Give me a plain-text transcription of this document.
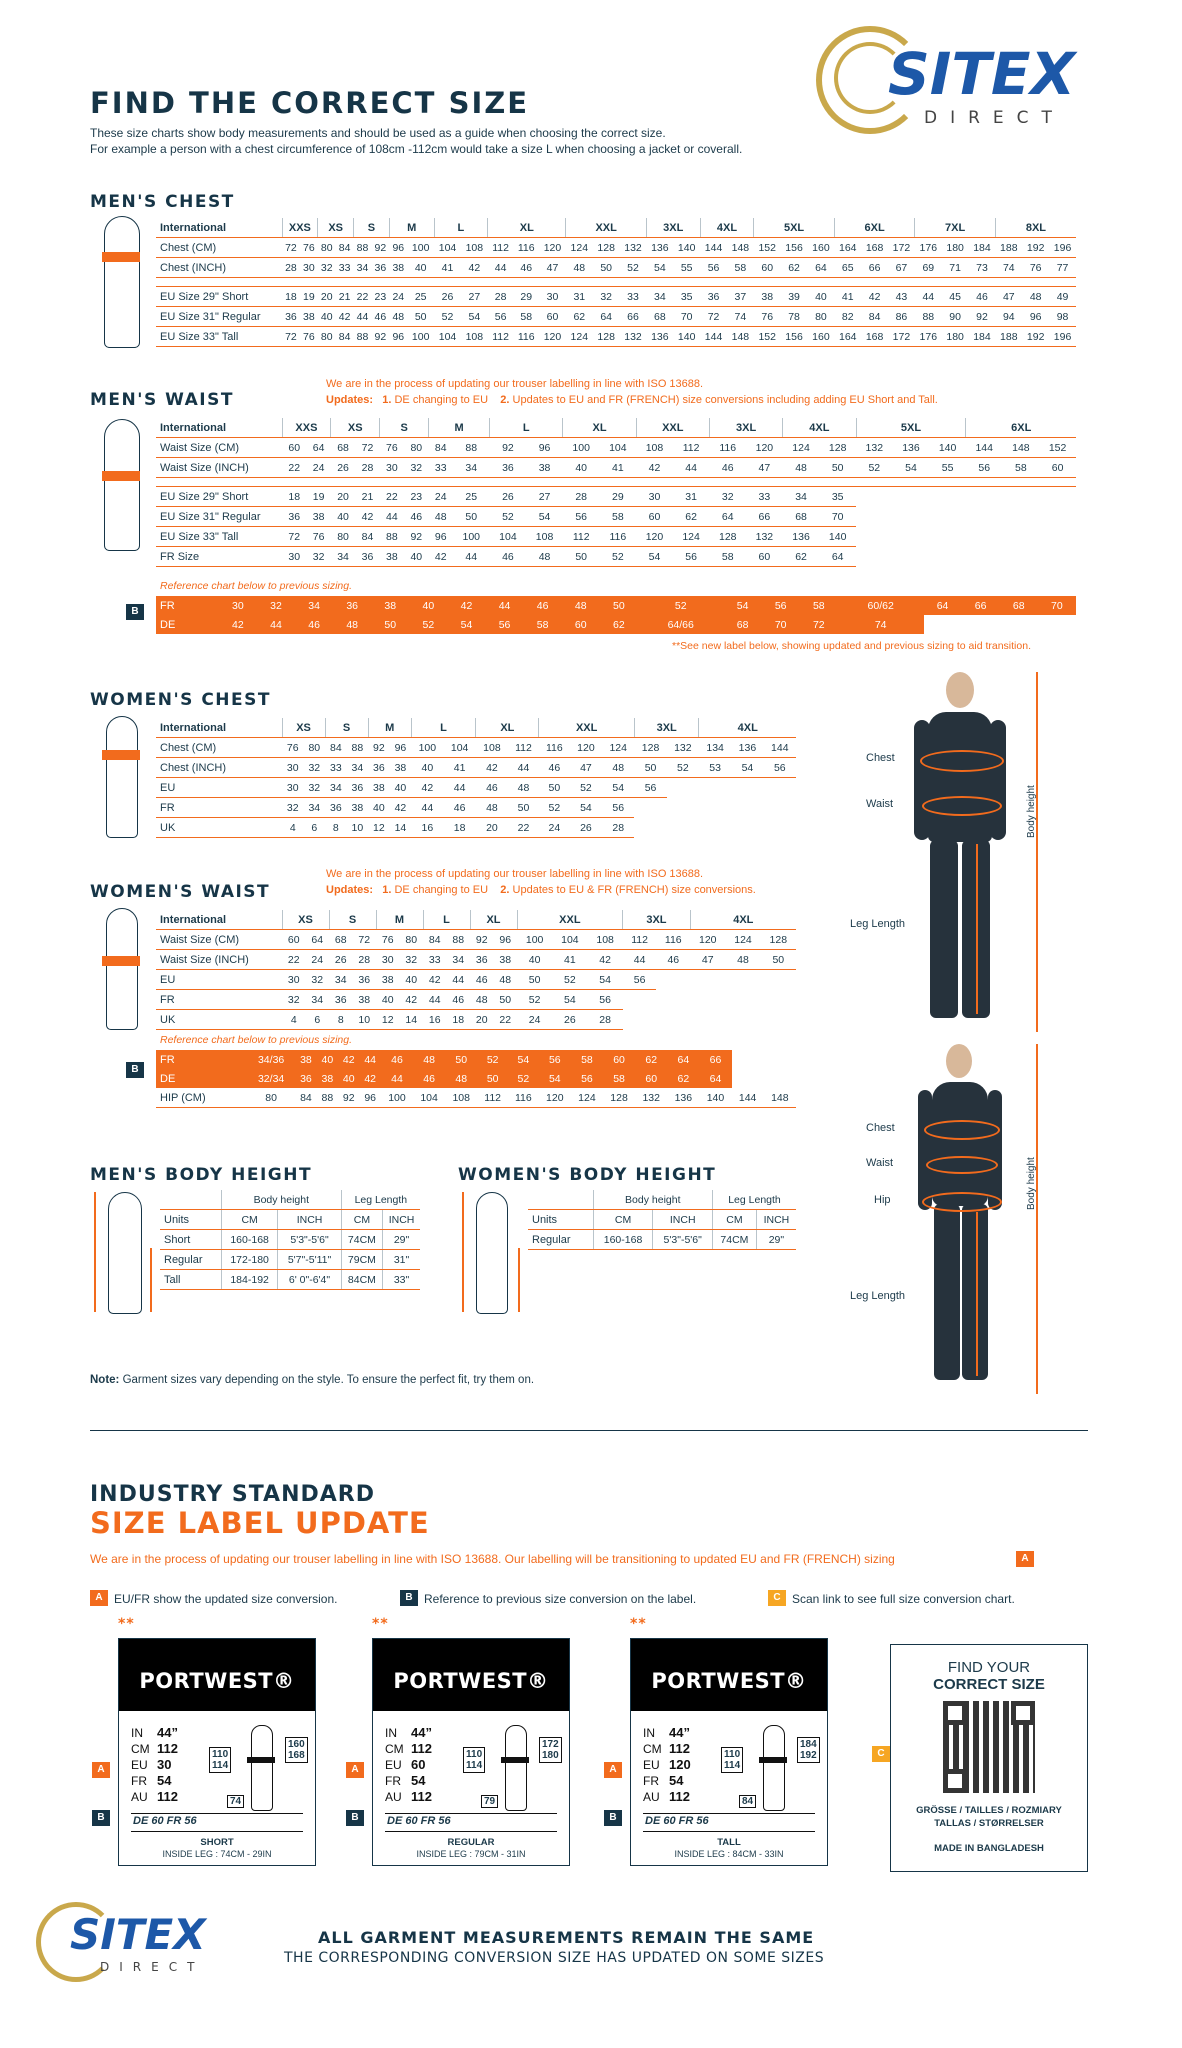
FIND THE CORRECT SIZE
These size charts show body measurements and should be used as a guide when choosing the correct size.
For example a person with a chest circumference of 108cm -112cm would take a size L when choosing a jacket or coverall.
SITEX
DIRECT
MEN'S CHEST
International	XXS		XS		S		M		L		XL			XXL			3XL		4XL		5XL			6XL			7XL			8XL		
Chest (CM)	72	76	80	84	88	92	96	100	104	108	112	116	120	124	128	132	136	140	144	148	152	156	160	164	168	172	176	180	184	188	192	196
Chest (INCH)	28	30	32	33	34	36	38	40	41	42	44	46	47	48	50	52	54	55	56	58	60	62	64	65	66	67	69	71	73	74	76	77

EU Size 29" Short	18	19	20	21	22	23	24	25	26	27	28	29	30	31	32	33	34	35	36	37	38	39	40	41	42	43	44	45	46	47	48	49
EU Size 31" Regular	36	38	40	42	44	46	48	50	52	54	56	58	60	62	64	66	68	70	72	74	76	78	80	82	84	86	88	90	92	94	96	98
EU Size 33" Tall	72	76	80	84	88	92	96	100	104	108	112	116	120	124	128	132	136	140	144	148	152	156	160	164	168	172	176	180	184	188	192	196
MEN'S WAIST
We are in the process of updating our trouser labelling in line with ISO 13688.
Updates: 1. DE changing to EU 2. Updates to EU and FR (FRENCH) size conversions including adding EU Short and Tall.
International	XXS		XS		S		M		L		XL		XXL		3XL		4XL		5XL			6XL		
Waist Size (CM)	60	64	68	72	76	80	84	88	92	96	100	104	108	112	116	120	124	128	132	136	140	144	148	152
Waist Size (INCH)	22	24	26	28	30	32	33	34	36	38	40	41	42	44	46	47	48	50	52	54	55	56	58	60

EU Size 29" Short	18	19	20	21	22	23	24	25	26	27	28	29	30	31	32	33	34	35						
EU Size 31" Regular	36	38	40	42	44	46	48	50	52	54	56	58	60	62	64	66	68	70						
EU Size 33" Tall	72	76	80	84	88	92	96	100	104	108	112	116	120	124	128	132	136	140						
FR Size	30	32	34	36	38	40	42	44	46	48	50	52	54	56	58	60	62	64						
Reference chart below to previous sizing.
B	FR	30	32	34	36	38	40	42	44	46	48	50	52	54	56	58	60/62	64	66	68	70
DE	42	44	46	48	50	52	54	56	58	60	62	64/66	68	70	72	74				
**See new label below, showing updated and previous sizing to aid transition.
WOMEN'S CHEST
International	XS		S		M		L		XL		XXL			3XL		4XL		
Chest (CM)	76	80	84	88	92	96	100	104	108	112	116	120	124	128	132	134	136	144
Chest (INCH)	30	32	33	34	36	38	40	41	42	44	46	47	48	50	52	53	54	56
EU	30	32	34	36	38	40	42	44	46	48	50	52	54	56				
FR	32	34	36	38	40	42	44	46	48	50	52	54	56					
UK	4	6	8	10	12	14	16	18	20	22	24	26	28					
We are in the process of updating our trouser labelling in line with ISO 13688.
Updates: 1. DE changing to EU 2. Updates to EU & FR (FRENCH) size conversions.
WOMEN'S WAIST
International	XS		S		M		L		XL		XXL			3XL		4XL		
Waist Size (CM)	60	64	68	72	76	80	84	88	92	96	100	104	108	112	116	120	124	128
Waist Size (INCH)	22	24	26	28	30	32	33	34	36	38	40	41	42	44	46	47	48	50
EU	30	32	34	36	38	40	42	44	46	48	50	52	54	56				
FR	32	34	36	38	40	42	44	46	48	50	52	54	56					
UK	4	6	8	10	12	14	16	18	20	22	24	26	28					
Reference chart below to previous sizing.
B
FR	34/36	38	40	42	44	46	48	50	52	54	56	58	60	62	64	66		
DE	32/34	36	38	40	42	44	46	48	50	52	54	56	58	60	62	64		
HIP (CM)	80	84	88	92	96	100	104	108	112	116	120	124	128	132	136	140	144	148
Chest
Waist
Leg Length
Body height
Chest
Waist
Hip
Leg Length
Body height
MEN'S BODY HEIGHT
	Body height		Leg Length	
Units	CM	INCH	CM	INCH
Short	160-168	5'3"-5'6"	74CM	29"
Regular	172-180	5'7"-5'11"	79CM	31"
Tall	184-192	6' 0"-6'4"	84CM	33"
WOMEN'S BODY HEIGHT
	Body height		Leg Length	
Units	CM	INCH	CM	INCH
Regular	160-168	5'3"-5'6"	74CM	29"
Note: Garment sizes vary depending on the style. To ensure the perfect fit, try them on.
INDUSTRY STANDARD
SIZE LABEL UPDATE
We are in the process of updating our trouser labelling in line with ISO 13688. Our labelling will be transitioning to updated EU and FR (FRENCH) sizing	A
A EU/FR show the updated size conversion.	B Reference to previous size conversion on the label.	C Scan link to see full size conversion chart.
**
PORTWEST®
IN 44”
CM 112
EU 30
FR 54
AU 112
110
114
160
168
74
DE 60 FR 56
SHORT
INSIDE LEG : 74CM - 29IN
A
B
**
PORTWEST®
IN 44”
CM 112
EU 60
FR 54
AU 112
110
114
172
180
79
DE 60 FR 56
REGULAR
INSIDE LEG : 79CM - 31IN
A
B
**
PORTWEST®
IN 44”
CM 112
EU 120
FR 54
AU 112
110
114
184
192
84
DE 60 FR 56
TALL
INSIDE LEG : 84CM - 33IN
A
B
FIND YOUR
CORRECT SIZE
GRÖSSE / TAILLES / ROZMIARY
TALLAS / STØRRELSER
MADE IN BANGLADESH
C
SITEX
DIRECT
ALL GARMENT MEASUREMENTS REMAIN THE SAME
THE CORRESPONDING CONVERSION SIZE HAS UPDATED ON SOME SIZES
